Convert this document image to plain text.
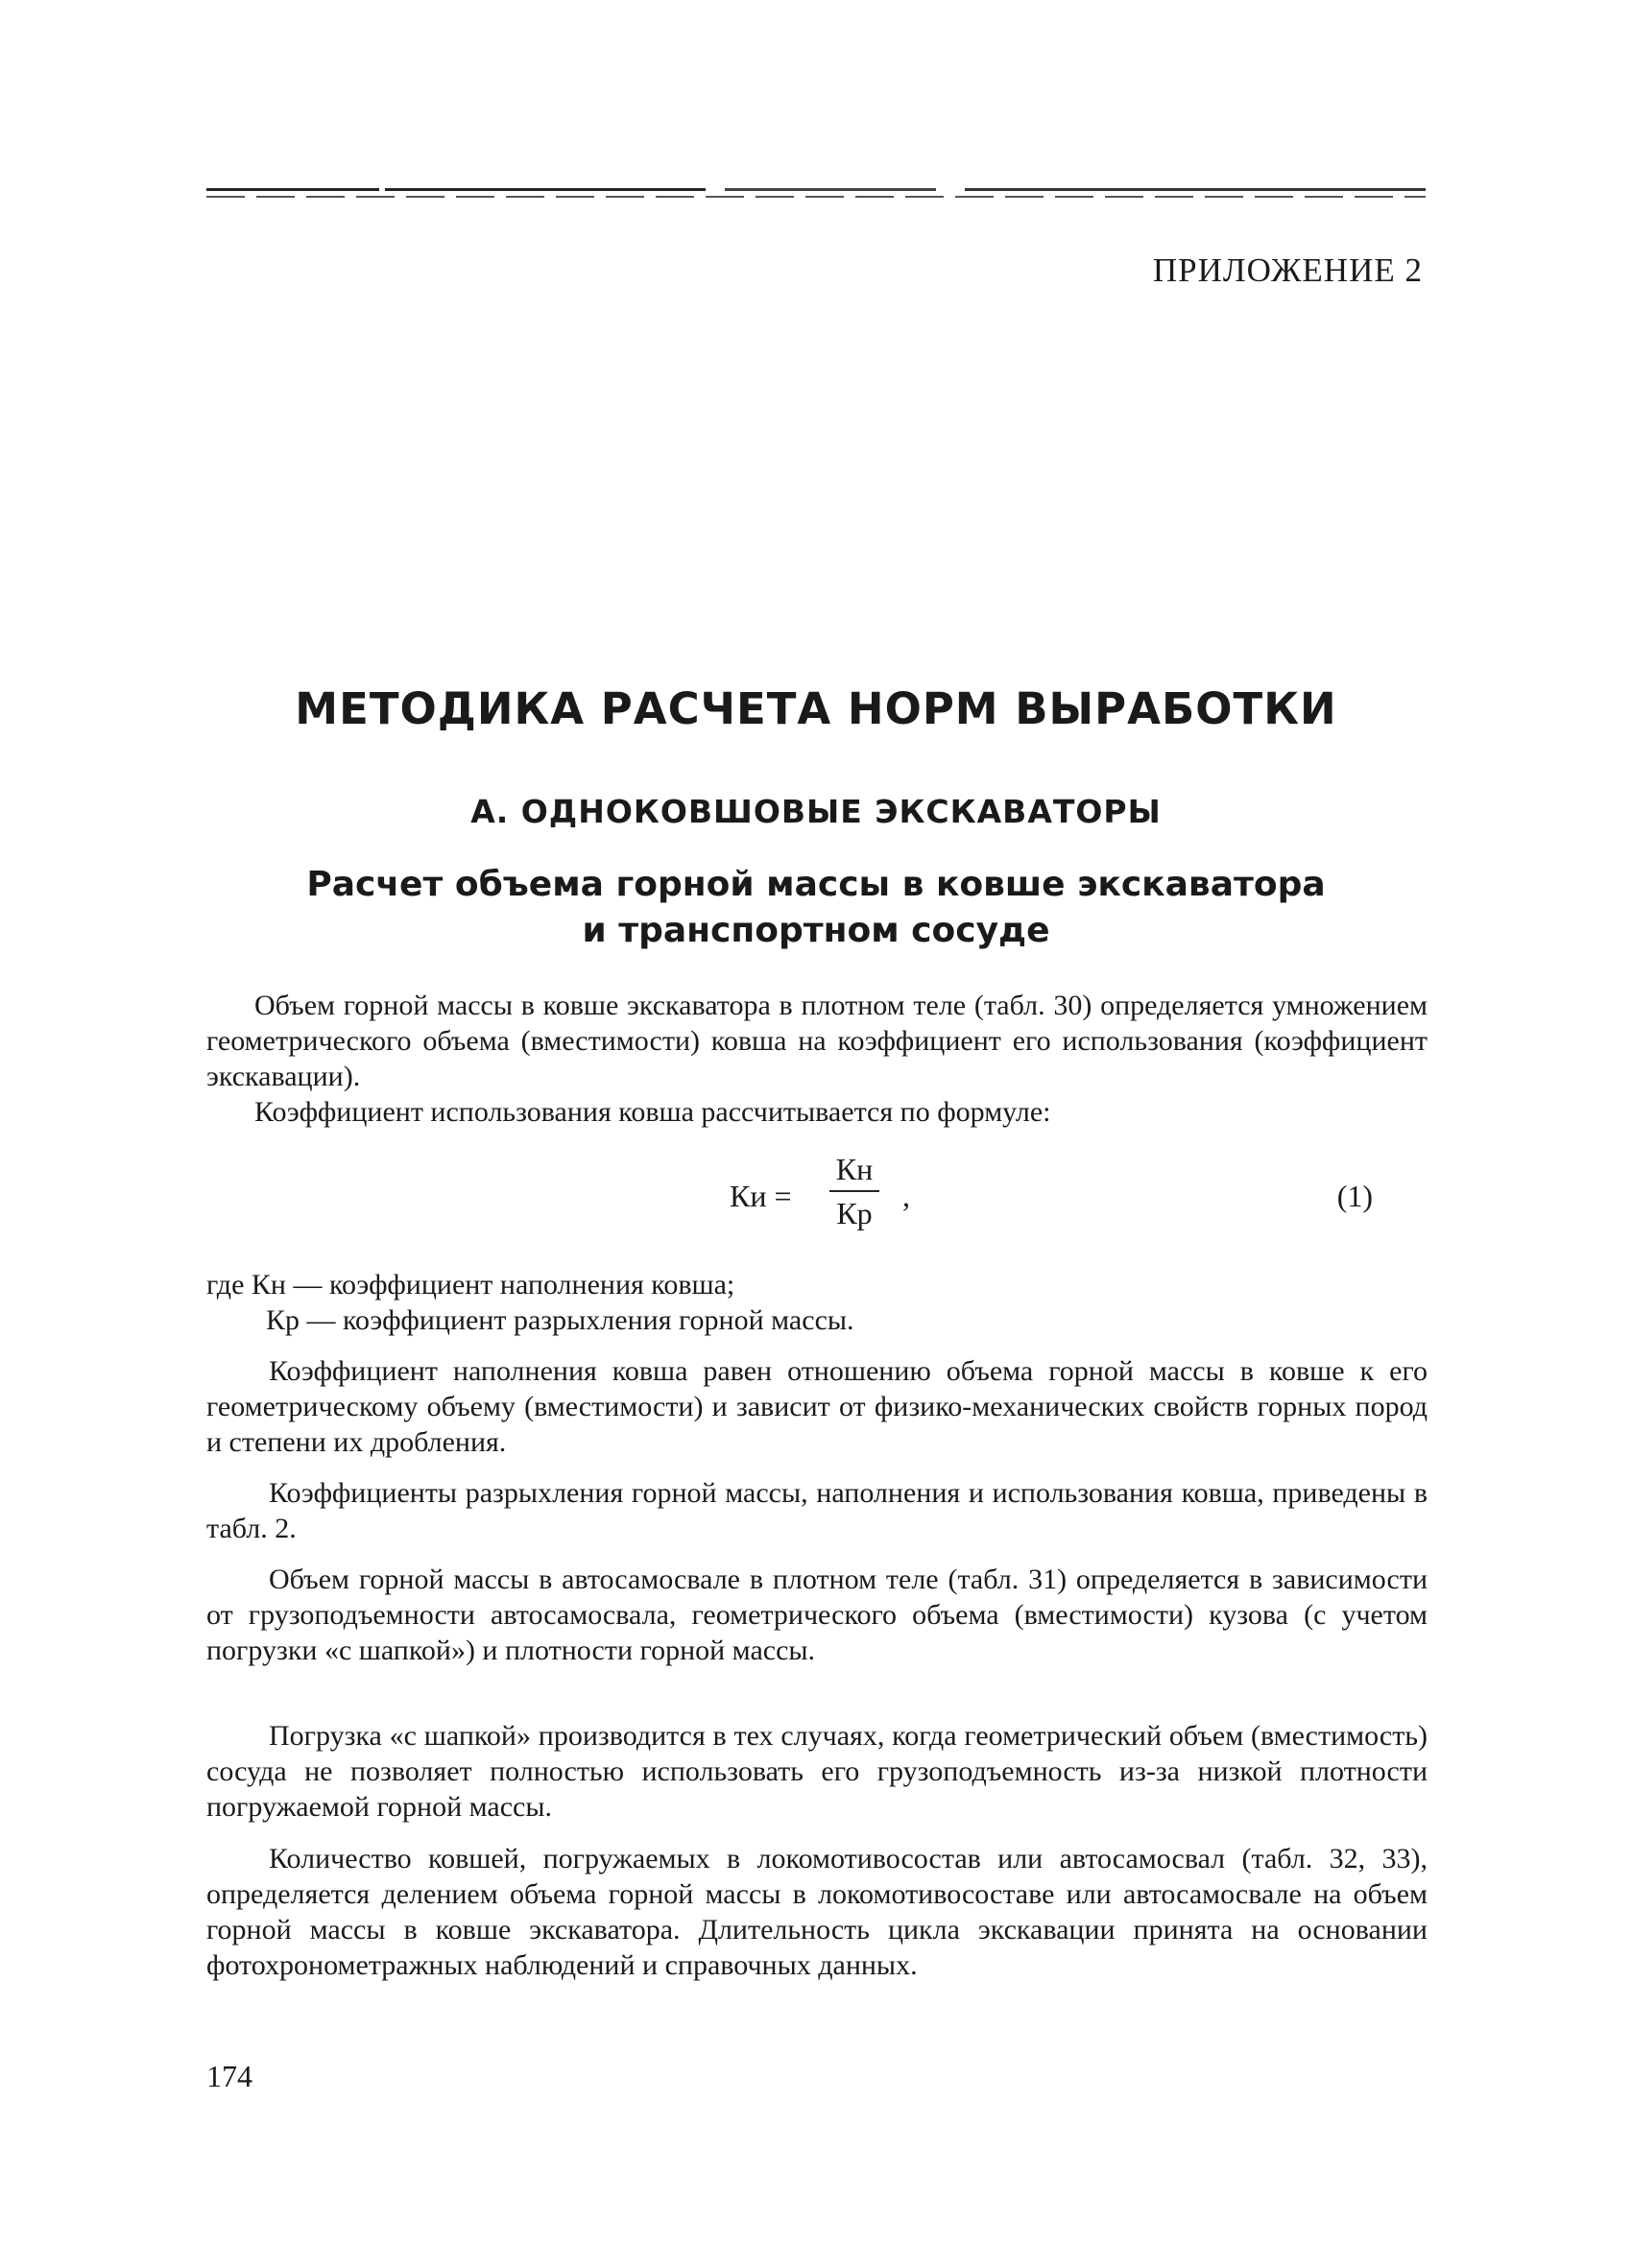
ПРИЛОЖЕНИЕ 2
МЕТОДИКА РАСЧЕТА НОРМ ВЫРАБОТКИ
А. ОДНОКОВШОВЫЕ ЭКСКАВАТОРЫ
Расчет объема горной массы в ковше экскаватора
и транспортном сосуде
Объем горной массы в ковше экскаватора в плотном теле (табл. 30) определяется умножением геометрического объема (вместимости) ковша на коэффициент его использования (коэффициент экскавации).
Коэффициент использования ковша рассчитывается по формуле:
Ки =
Кн
Кр ,	(1)
где Кн — коэффициент наполнения ковша;
Кр — коэффициент разрыхления горной массы.
Коэффициент наполнения ковша равен отношению объема горной массы в ковше к его геометрическому объему (вместимости) и зависит от физико-механических свойств горных пород и степени их дробления.
Коэффициенты разрыхления горной массы, наполнения и использования ковша, приведены в табл. 2.
Объем горной массы в автосамосвале в плотном теле (табл. 31) определяется в зависимости от грузоподъемности автосамосвала, геометрического объема (вместимости) кузова (с учетом погрузки «с шапкой») и плотности горной массы.
Погрузка «с шапкой» производится в тех случаях, когда геометрический объем (вместимость) сосуда не позволяет полностью использовать его грузоподъемность из-за низкой плотности погружаемой горной массы.
Количество ковшей, погружаемых в локомотивосостав или автосамосвал (табл. 32, 33), определяется делением объема горной массы в локомотивосоставе или автосамосвале на объем горной массы в ковше экскаватора. Длительность цикла экскавации принята на основании фотохронометражных наблюдений и справочных данных.
174
